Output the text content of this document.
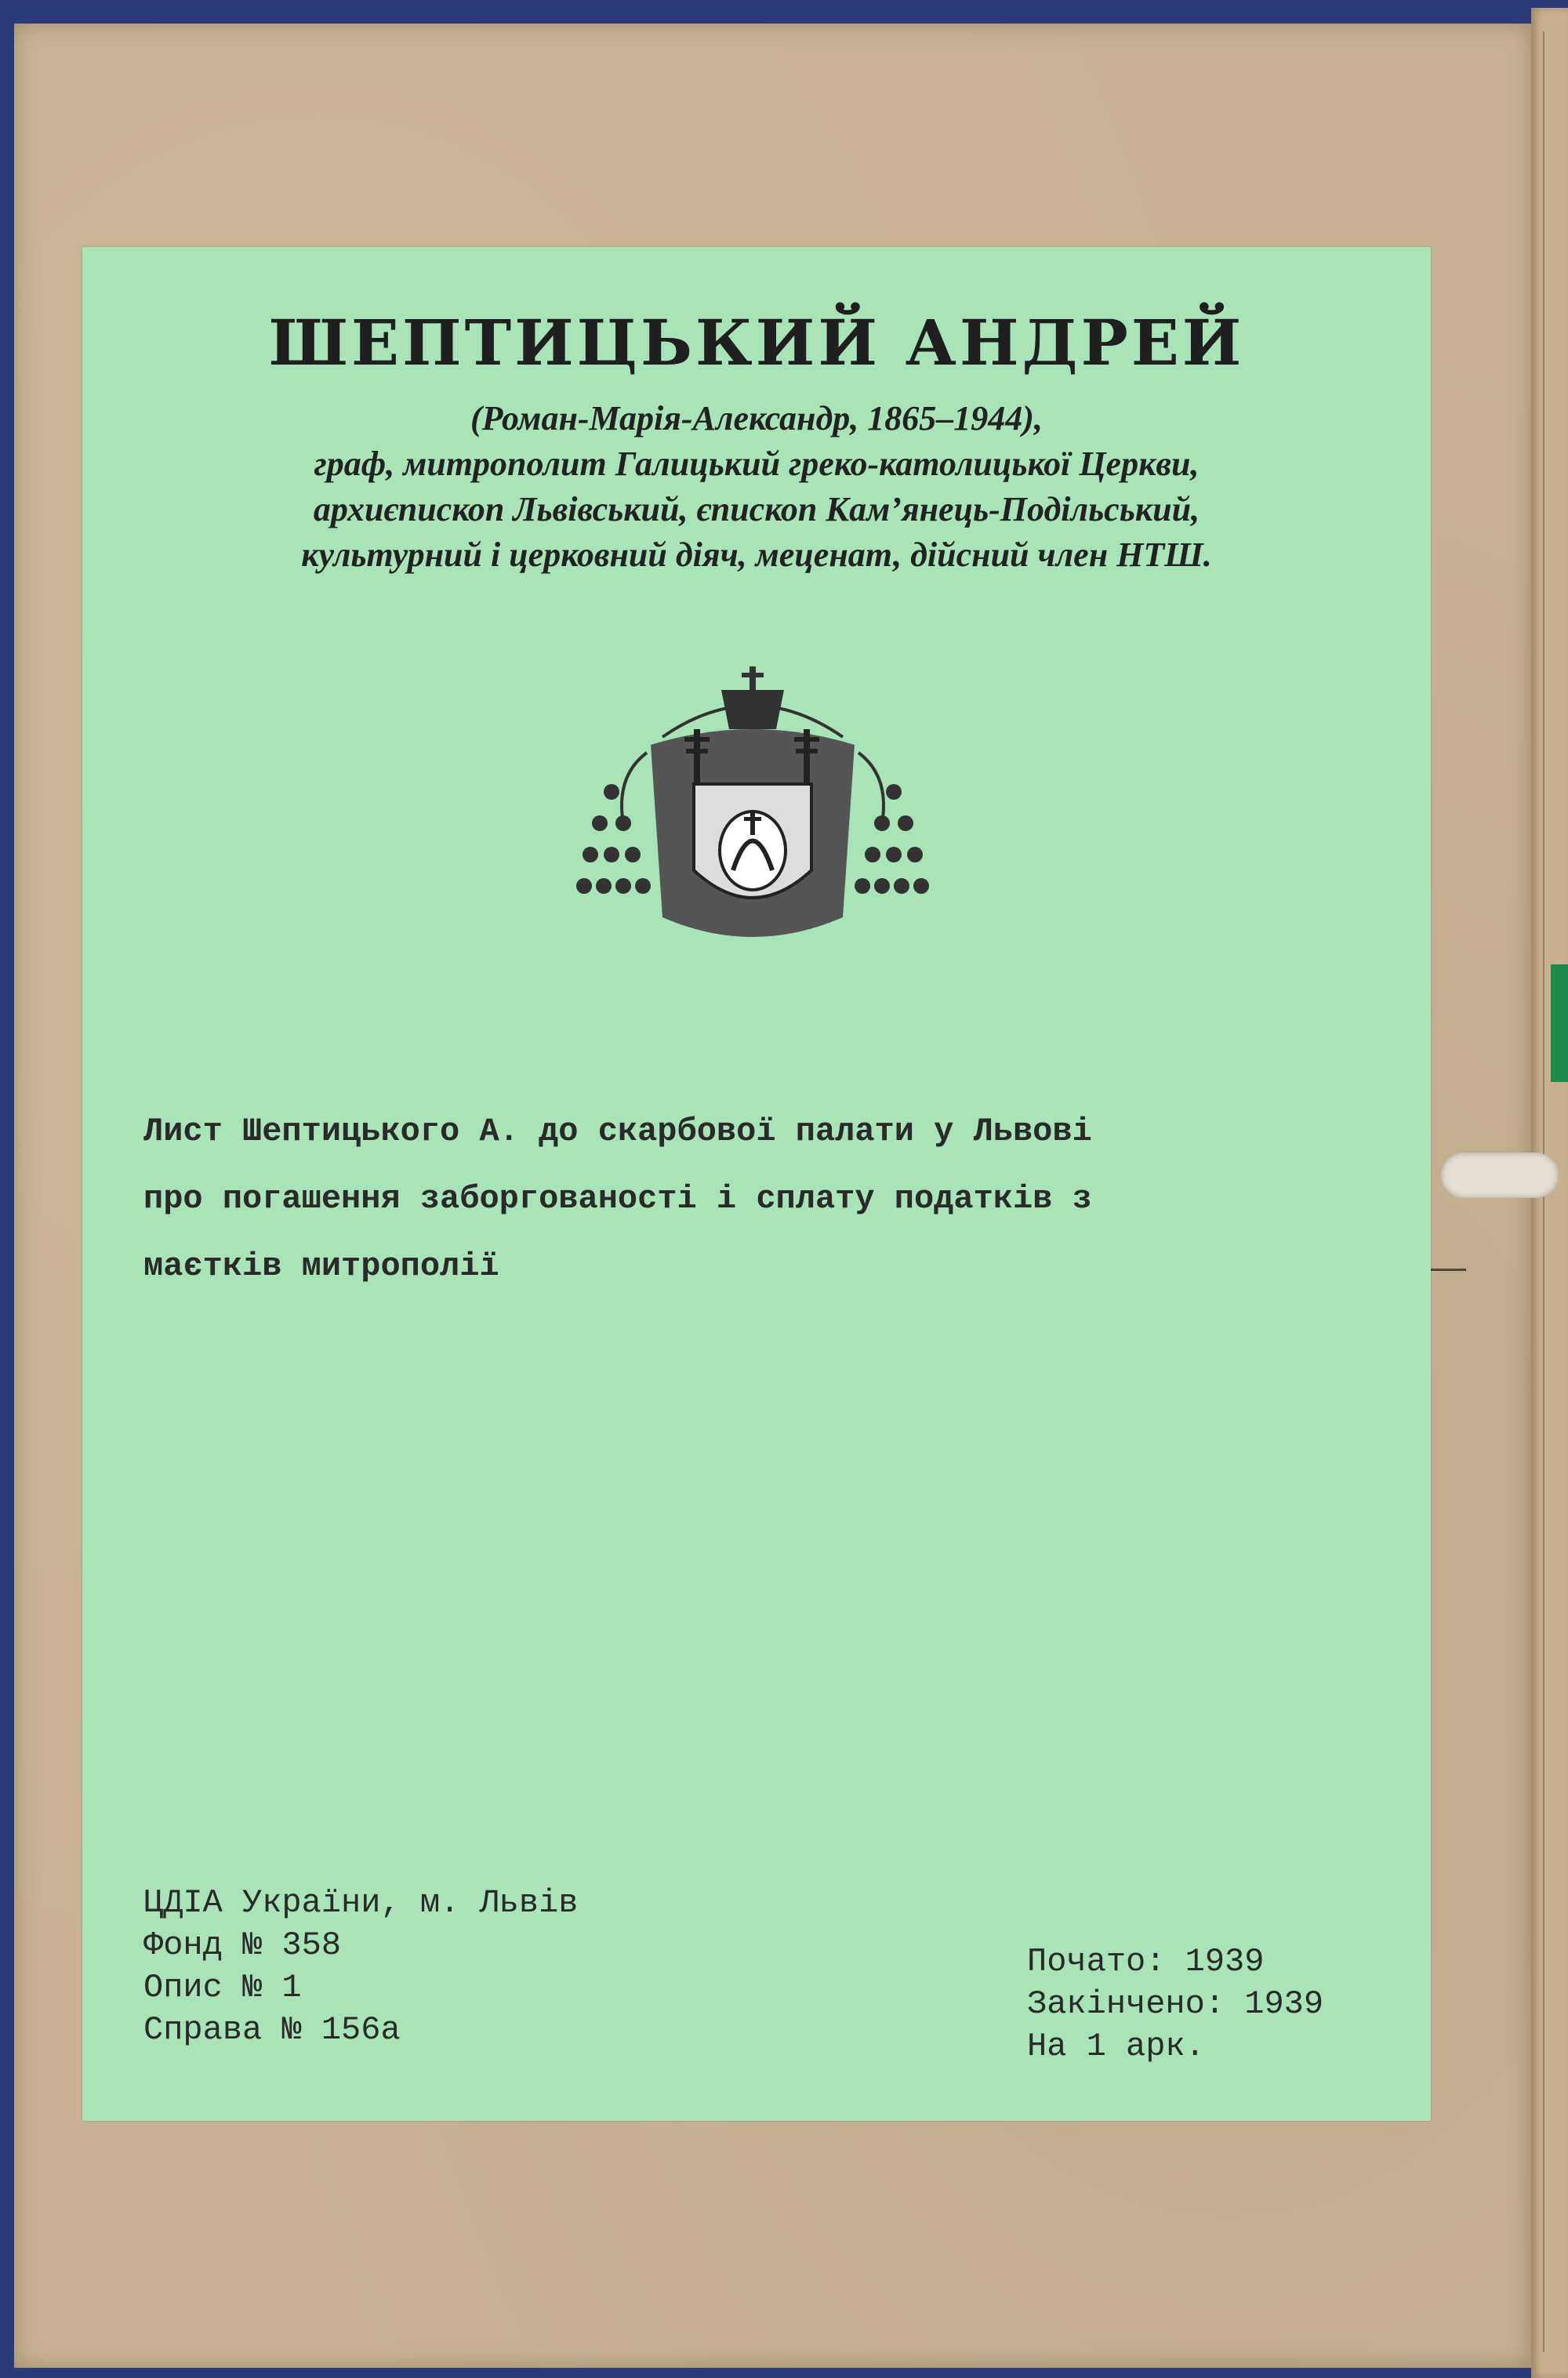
ШЕПТИЦЬКИЙ АНДРЕЙ
(Роман-Марія-Александр, 1865–1944),
граф, митрополит Галицький греко-католицької Церкви,
архиєпископ Львівський, єпископ Кам’янець-Подільський,
культурний і церковний діяч, меценат, дійсний член НТШ.
Лист Шептицького А. до скарбової палати у Львові
про погашення заборгованості і сплату податків з
маєтків митрополії
ЦДІА України, м. Львів
Фонд № 358
Опис № 1
Справа № 156а
Почато: 1939
Закінчено: 1939
На 1 арк.
